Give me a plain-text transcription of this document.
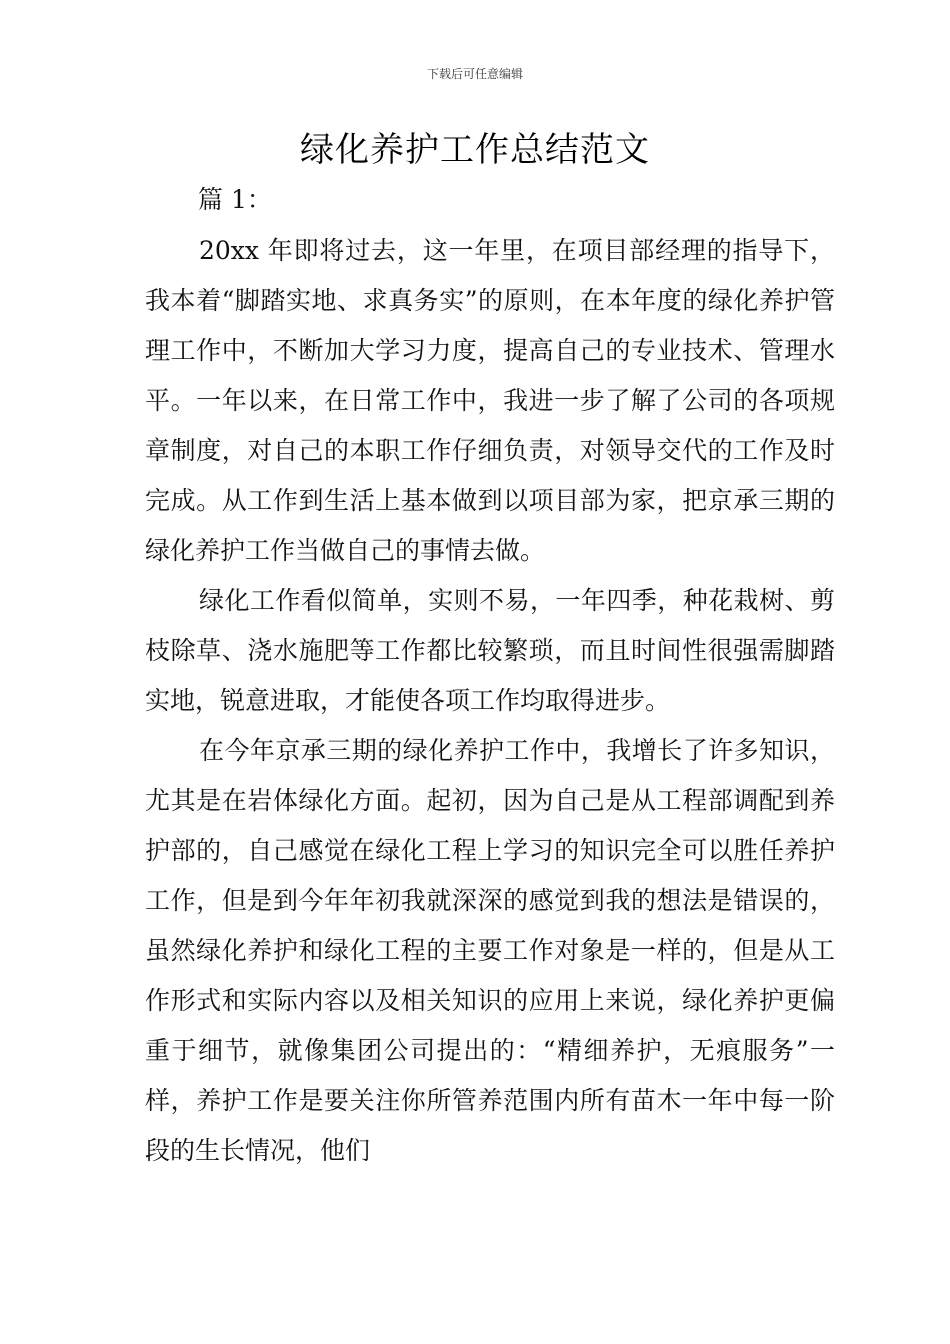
下载后可任意编辑
绿化养护工作总结范文

篇 1：

20xx 年即将过去，这一年里，在项目部经理的指导下，我本着“脚踏实地、求真务实”的原则，在本年度的绿化养护管理工作中，不断加大学习力度，提高自己的专业技术、管理水平。一年以来，在日常工作中，我进一步了解了公司的各项规章制度，对自己的本职工作仔细负责，对领导交代的工作及时完成。从工作到生活上基本做到以项目部为家，把京承三期的绿化养护工作当做自己的事情去做。

绿化工作看似简单，实则不易，一年四季，种花栽树、剪枝除草、浇水施肥等工作都比较繁琐，而且时间性很强需脚踏实地，锐意进取，才能使各项工作均取得进步。

在今年京承三期的绿化养护工作中，我增长了许多知识，尤其是在岩体绿化方面。起初，因为自己是从工程部调配到养护部的，自己感觉在绿化工程上学习的知识完全可以胜任养护工作，但是到今年年初我就深深的感觉到我的想法是错误的，虽然绿化养护和绿化工程的主要工作对象是一样的，但是从工作形式和实际内容以及相关知识的应用上来说，绿化养护更偏重于细节，就像集团公司提出的：“精细养护，无痕服务”一样，养护工作是要关注你所管养范围内所有苗木一年中每一阶段的生长情况，他们
